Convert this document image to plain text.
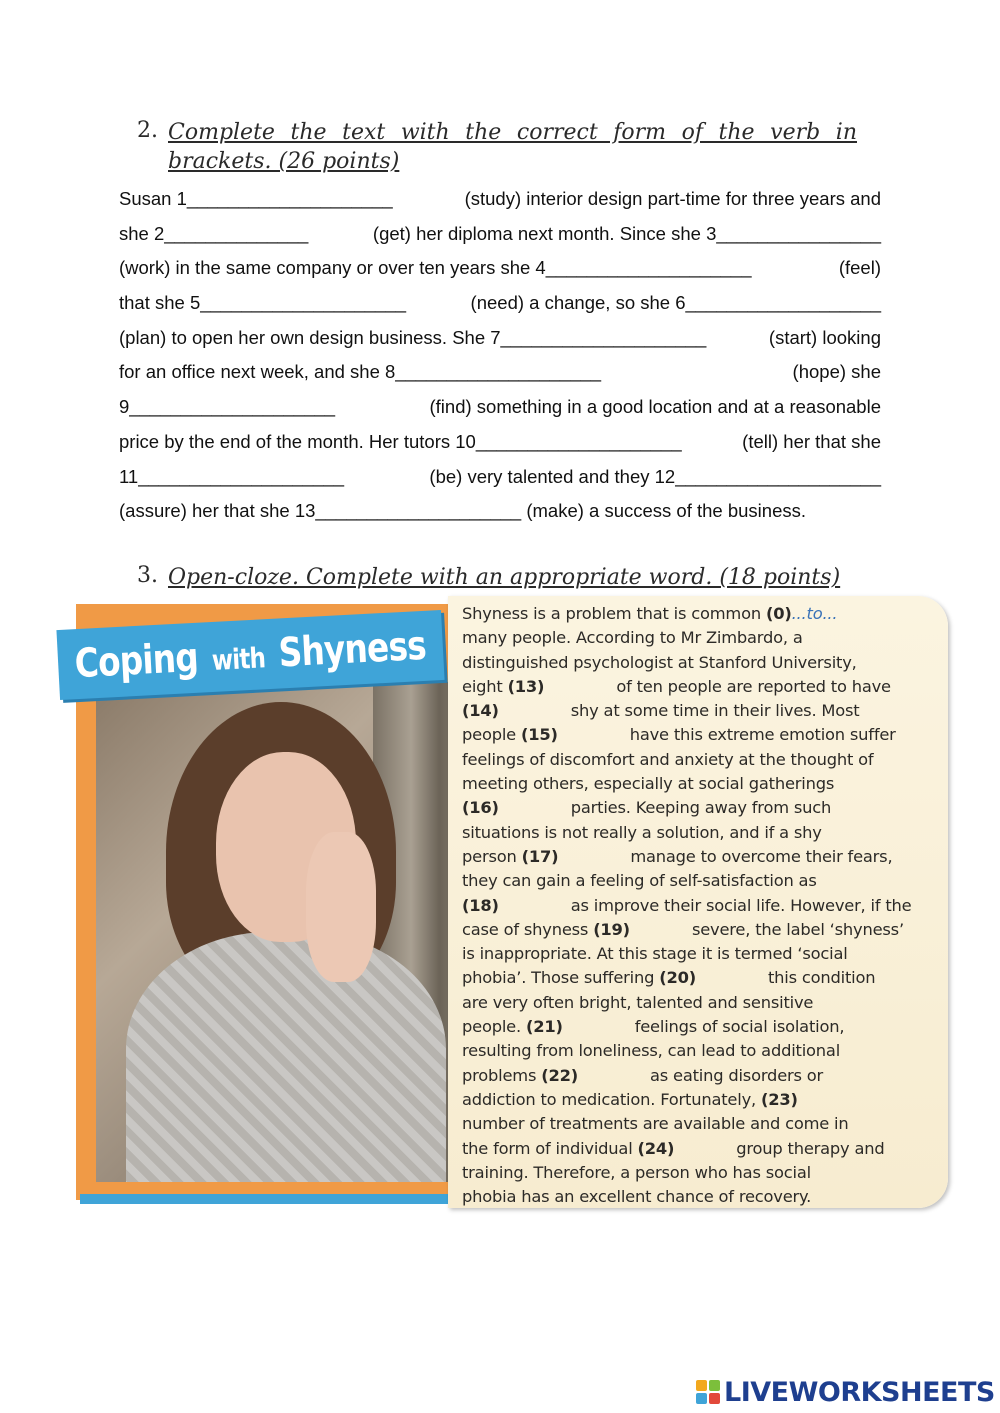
2. Complete the text with the correct form of the verb in
brackets. (26 points)
Susan 1____________________	(study) interior design part-time for three years and
she 2______________	(get) her diploma next month. Since she 3________________
(work) in the same company or over ten years she 4____________________	(feel)
that she 5____________________	(need) a change, so she 6___________________
(plan) to open her own design business. She 7____________________	(start) looking
for an office next week, and she 8____________________	(hope) she
9____________________	(find) something in a good location and at a reasonable
price by the end of the month. Her tutors 10____________________	(tell) her that she
11____________________	(be) very talented and they 12____________________
(assure) her that she 13____________________
(make) a success of the business.
3. Open-cloze. Complete with an appropriate word. (18 points)
Coping with Shyness
Shyness is a problem that is common (0)...to...
many people. According to Mr Zimbardo, a
distinguished psychologist at Stanford University,
eight (13)	of ten people are reported to have
(14)	shy at some time in their lives. Most
people (15)	have this extreme emotion suffer
feelings of discomfort and anxiety at the thought of
meeting others, especially at social gatherings
(16)	parties. Keeping away from such
situations is not really a solution, and if a shy
person (17)	manage to overcome their fears,
they can gain a feeling of self-satisfaction as
(18)	as improve their social life. However, if the
case of shyness (19)	severe, the label ‘shyness’
is inappropriate. At this stage it is termed ‘social
phobia’. Those suffering (20)	this condition
are very often bright, talented and sensitive
people. (21)	feelings of social isolation,
resulting from loneliness, can lead to additional
problems (22)	as eating disorders or
addiction to medication. Fortunately, (23)
number of treatments are available and come in
the form of individual (24)	group therapy and
training. Therefore, a person who has social
phobia has an excellent chance of recovery.
LIVEWORKSHEETS
